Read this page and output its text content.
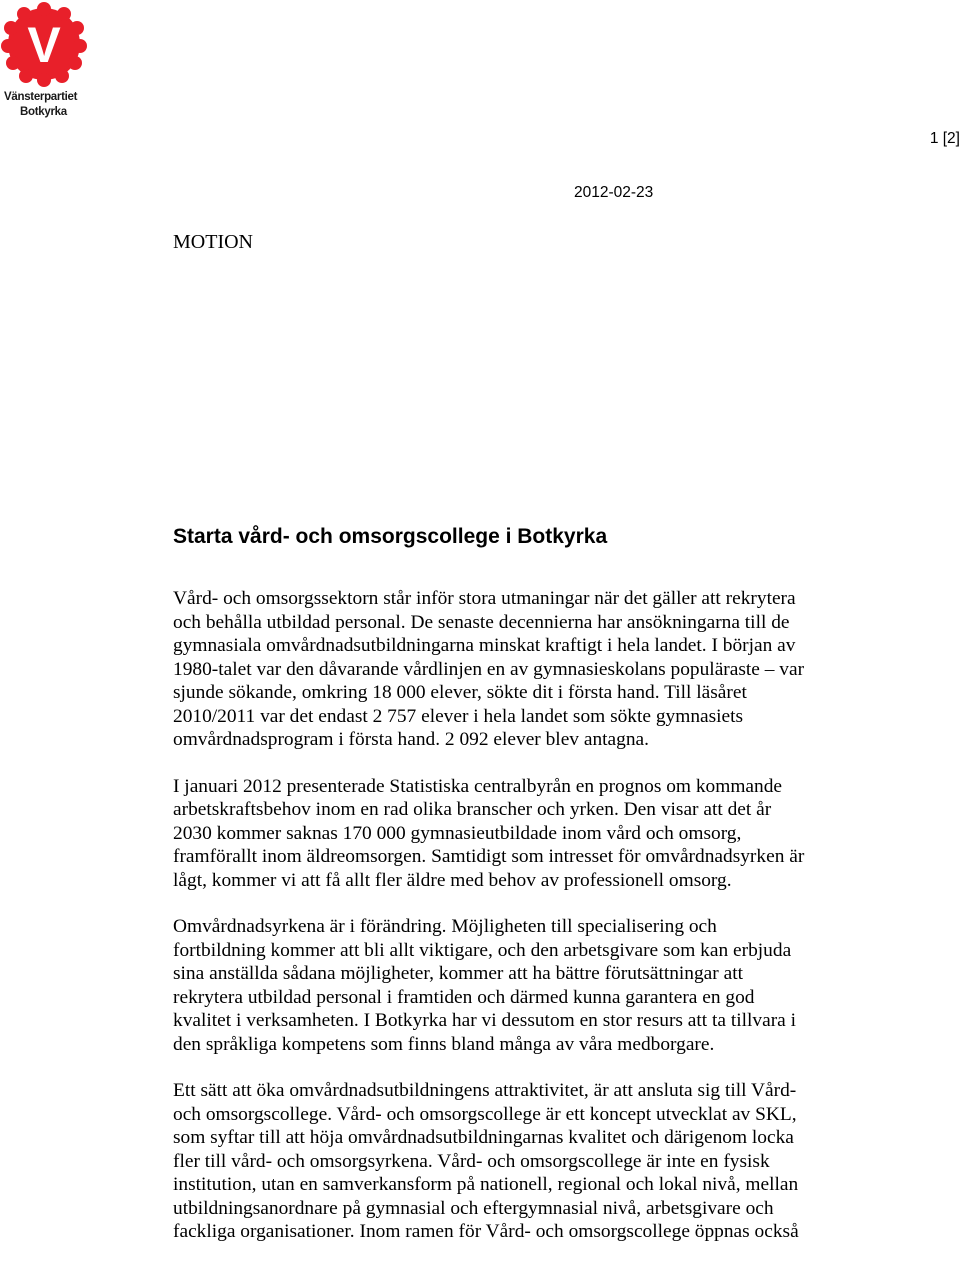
V
Vänsterpartiet
Botkyrka
1 [2]
2012-02-23
MOTION
Starta vård- och omsorgscollege i Botkyrka
Vård- och omsorgssektorn står inför stora utmaningar när det gäller att rekrytera
och behålla utbildad personal. De senaste decennierna har ansökningarna till de
gymnasiala omvårdnadsutbildningarna minskat kraftigt i hela landet. I början av
1980-talet var den dåvarande vårdlinjen en av gymnasieskolans populäraste – var
sjunde sökande, omkring 18 000 elever, sökte dit i första hand. Till läsåret
2010/2011 var det endast 2 757 elever i hela landet som sökte gymnasiets
omvårdnadsprogram i första hand. 2 092 elever blev antagna.
I januari 2012 presenterade Statistiska centralbyrån en prognos om kommande
arbetskraftsbehov inom en rad olika branscher och yrken. Den visar att det år
2030 kommer saknas 170 000 gymnasieutbildade inom vård och omsorg,
framförallt inom äldreomsorgen. Samtidigt som intresset för omvårdnadsyrken är
lågt, kommer vi att få allt fler äldre med behov av professionell omsorg.
Omvårdnadsyrkena är i förändring. Möjligheten till specialisering och
fortbildning kommer att bli allt viktigare, och den arbetsgivare som kan erbjuda
sina anställda sådana möjligheter, kommer att ha bättre förutsättningar att
rekrytera utbildad personal i framtiden och därmed kunna garantera en god
kvalitet i verksamheten. I Botkyrka har vi dessutom en stor resurs att ta tillvara i
den språkliga kompetens som finns bland många av våra medborgare.
Ett sätt att öka omvårdnadsutbildningens attraktivitet, är att ansluta sig till Vård-
och omsorgscollege. Vård- och omsorgscollege är ett koncept utvecklat av SKL,
som syftar till att höja omvårdnadsutbildningarnas kvalitet och därigenom locka
fler till vård- och omsorgsyrkena. Vård- och omsorgscollege är inte en fysisk
institution, utan en samverkansform på nationell, regional och lokal nivå, mellan
utbildningsanordnare på gymnasial och eftergymnasial nivå, arbetsgivare och
fackliga organisationer. Inom ramen för Vård- och omsorgscollege öppnas också
